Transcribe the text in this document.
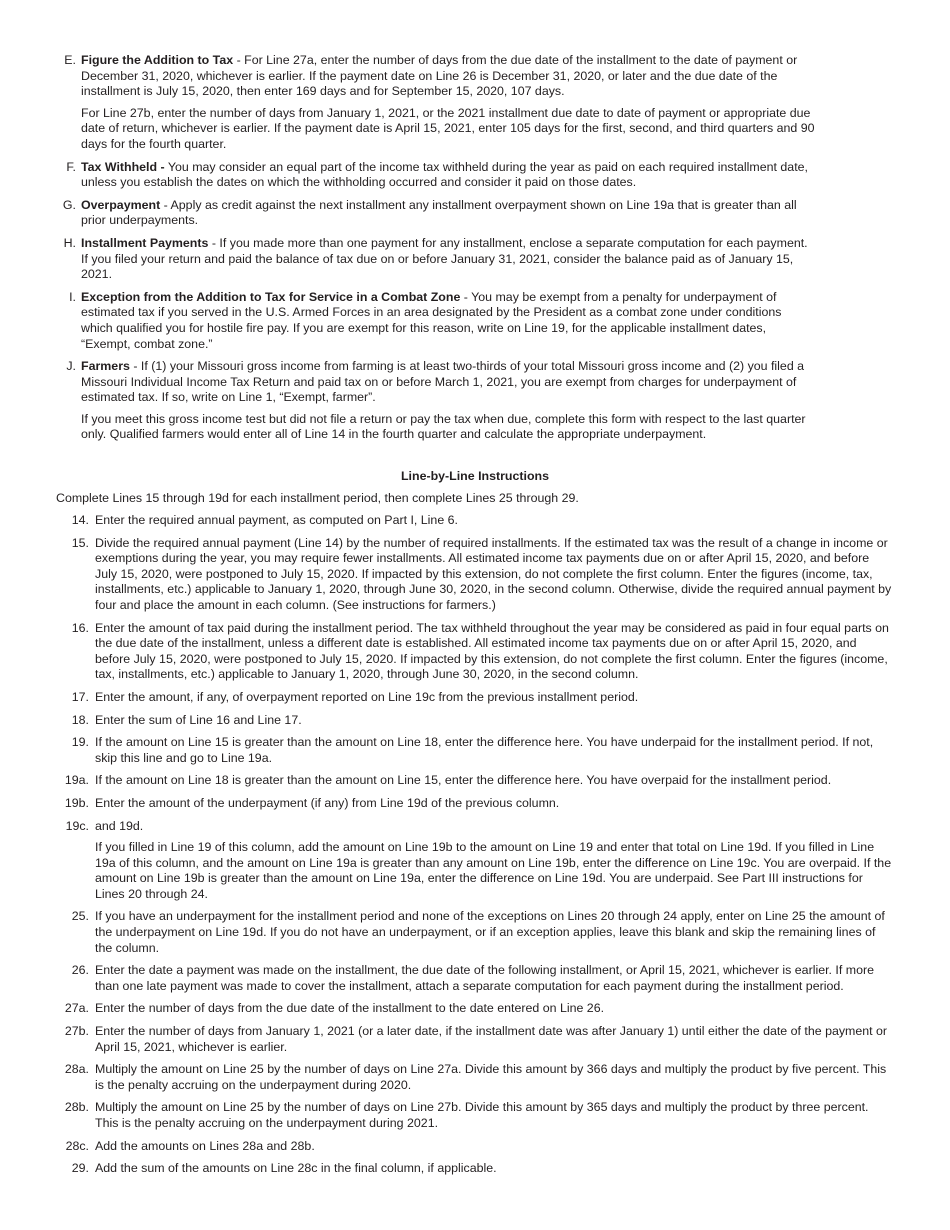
E. Figure the Addition to Tax - For Line 27a, enter the number of days from the due date of the installment to the date of payment or December 31, 2020, whichever is earlier. If the payment date on Line 26 is December 31, 2020, or later and the due date of the installment is July 15, 2020, then enter 169 days and for September 15, 2020, 107 days.

For Line 27b, enter the number of days from January 1, 2021, or the 2021 installment due date to date of payment or appropriate due date of return, whichever is earlier. If the payment date is April 15, 2021, enter 105 days for the first, second, and third quarters and 90 days for the fourth quarter.

F. Tax Withheld - You may consider an equal part of the income tax withheld during the year as paid on each required installment date, unless you establish the dates on which the withholding occurred and consider it paid on those dates.

G. Overpayment - Apply as credit against the next installment any installment overpayment shown on Line 19a that is greater than all prior underpayments.

H. Installment Payments - If you made more than one payment for any installment, enclose a separate computation for each payment. If you filed your return and paid the balance of tax due on or before January 31, 2021, consider the balance paid as of January 15, 2021.

I. Exception from the Addition to Tax for Service in a Combat Zone - You may be exempt from a penalty for underpayment of estimated tax if you served in the U.S. Armed Forces in an area designated by the President as a combat zone under conditions which qualified you for hostile fire pay. If you are exempt for this reason, write on Line 19, for the applicable installment dates, “Exempt, combat zone.”

J. Farmers - If (1) your Missouri gross income from farming is at least two-thirds of your total Missouri gross income and (2) you filed a Missouri Individual Income Tax Return and paid tax on or before March 1, 2021, you are exempt from charges for underpayment of estimated tax. If so, write on Line 1, “Exempt, farmer”.

If you meet this gross income test but did not file a return or pay the tax when due, complete this form with respect to the last quarter only. Qualified farmers would enter all of Line 14 in the fourth quarter and calculate the appropriate underpayment.

Line-by-Line Instructions
Complete Lines 15 through 19d for each installment period, then complete Lines 25 through 29.
14. Enter the required annual payment, as computed on Part I, Line 6.

15. Divide the required annual payment (Line 14) by the number of required installments. If the estimated tax was the result of a change in income or exemptions during the year, you may require fewer installments. All estimated income tax payments due on or after April 15, 2020, and before July 15, 2020, were postponed to July 15, 2020. If impacted by this extension, do not complete the first column. Enter the figures (income, tax, installments, etc.) applicable to January 1, 2020, through June 30, 2020, in the second column. Otherwise, divide the required annual payment by four and place the amount in each column. (See instructions for farmers.)

16. Enter the amount of tax paid during the installment period. The tax withheld throughout the year may be considered as paid in four equal parts on the due date of the installment, unless a different date is established. All estimated income tax payments due on or after April 15, 2020, and before July 15, 2020, were postponed to July 15, 2020. If impacted by this extension, do not complete the first column. Enter the figures (income, tax, installments, etc.) applicable to January 1, 2020, through June 30, 2020, in the second column.

17. Enter the amount, if any, of overpayment reported on Line 19c from the previous installment period.

18. Enter the sum of Line 16 and Line 17.

19. If the amount on Line 15 is greater than the amount on Line 18, enter the difference here. You have underpaid for the installment period. If not, skip this line and go to Line 19a.

19a. If the amount on Line 18 is greater than the amount on Line 15, enter the difference here. You have overpaid for the installment period.

19b. Enter the amount of the underpayment (if any) from Line 19d of the previous column.

19c. and 19d.

If you filled in Line 19 of this column, add the amount on Line 19b to the amount on Line 19 and enter that total on Line 19d. If you filled in Line 19a of this column, and the amount on Line 19a is greater than any amount on Line 19b, enter the difference on Line 19c. You are overpaid. If the amount on Line 19b is greater than the amount on Line 19a, enter the difference on Line 19d. You are underpaid. See Part III instructions for Lines 20 through 24.

25. If you have an underpayment for the installment period and none of the exceptions on Lines 20 through 24 apply, enter on Line 25 the amount of the underpayment on Line 19d. If you do not have an underpayment, or if an exception applies, leave this blank and skip the remaining lines of the column.

26. Enter the date a payment was made on the installment, the due date of the following installment, or April 15, 2021, whichever is earlier. If more than one late payment was made to cover the installment, attach a separate computation for each payment during the installment period.

27a. Enter the number of days from the due date of the installment to the date entered on Line 26.

27b. Enter the number of days from January 1, 2021 (or a later date, if the installment date was after January 1) until either the date of the payment or April 15, 2021, whichever is earlier.

28a. Multiply the amount on Line 25 by the number of days on Line 27a. Divide this amount by 366 days and multiply the product by five percent. This is the penalty accruing on the underpayment during 2020.

28b. Multiply the amount on Line 25 by the number of days on Line 27b. Divide this amount by 365 days and multiply the product by three percent. This is the penalty accruing on the underpayment during 2021.

28c. Add the amounts on Lines 28a and 28b.

29. Add the sum of the amounts on Line 28c in the final column, if applicable.
